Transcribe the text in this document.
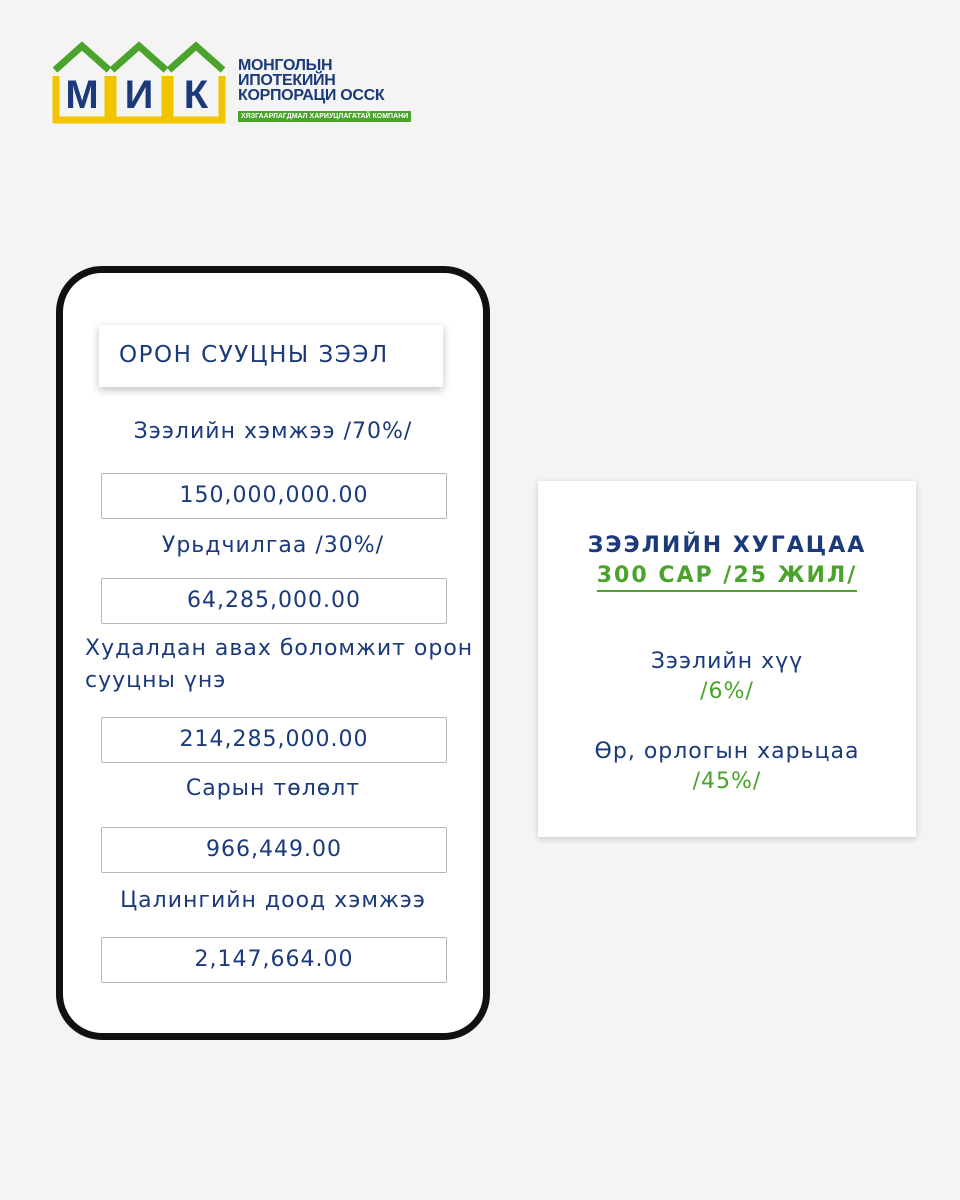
М И К
МОНГОЛЫН
ИПОТЕКИЙН
КОРПОРАЦИ ОССК
ХЯЗГААРЛАГДМАЛ ХАРИУЦЛАГАТАЙ КОМПАНИ
ОРОН СУУЦНЫ ЗЭЭЛ
Зээлийн хэмжээ /70%/
150,000,000.00
Урьдчилгаа /30%/
64,285,000.00
Худалдан авах боломжит орон сууцны үнэ
214,285,000.00
Сарын төлөлт
966,449.00
Цалингийн доод хэмжээ
2,147,664.00
ЗЭЭЛИЙН ХУГАЦАА
300 САР /25 ЖИЛ/
Зээлийн хүү
/6%/
Өр, орлогын харьцаа
/45%/
